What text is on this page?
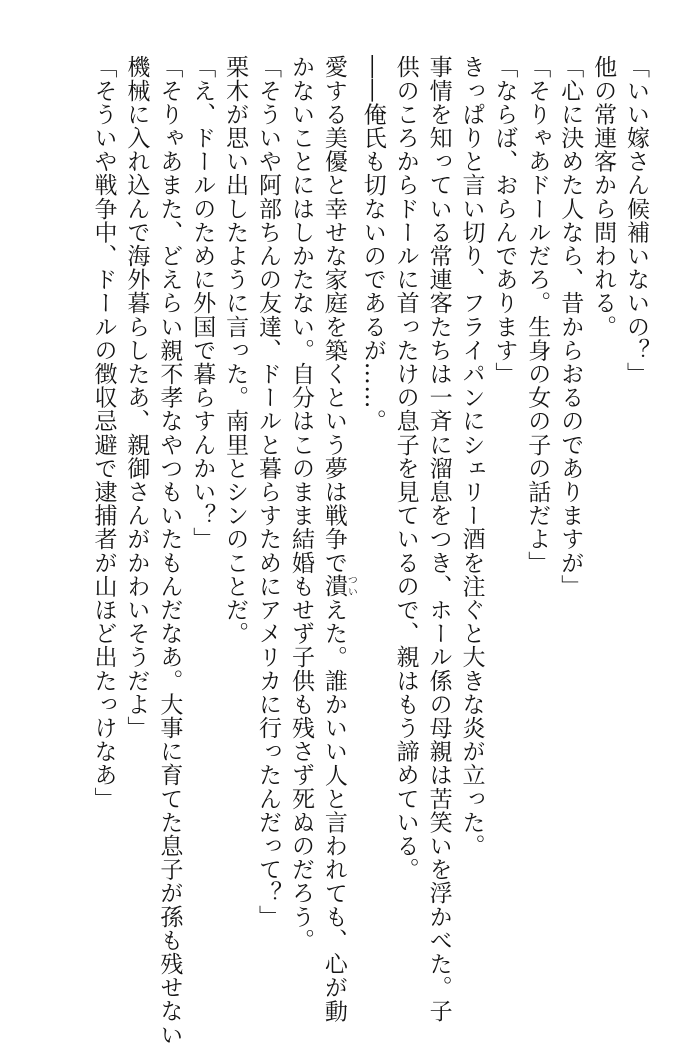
「いい嫁さん候補いないの？」
他の常連客から問われる。
「心に決めた人なら、昔からおるのでありますが」
「そりゃあドールだろ。生身の女の子の話だよ」
「ならば、おらんであります」
きっぱりと言い切り、フライパンにシェリー酒を注ぐと大きな炎が立った。
事情を知っている常連客たちは一斉に溜息をつき、ホール係の母親は苦笑いを浮かべた。子
供のころからドールに首ったけの息子を見ているので、親はもう諦めている。
――俺氏も切ないのであるが……。
愛する美優と幸せな家庭を築くという夢は戦争で潰ついえた。誰かいい人と言われても、心が動
かないことにはしかたない。自分はこのまま結婚もせず子供も残さず死ぬのだろう。
「そういや阿部ちんの友達、ドールと暮らすためにアメリカに行ったんだって？」
栗木が思い出したように言った。南里とシンのことだ。
「え、ドールのために外国で暮らすんかい？」
「そりゃあまた、どえらい親不孝なやつもいたもんだなあ。大事に育てた息子が孫も残せない
機械に入れ込んで海外暮らしたあ、親御さんがかわいそうだよ」
「そういや戦争中、ドールの徴収忌避で逮捕者が山ほど出たっけなあ」
